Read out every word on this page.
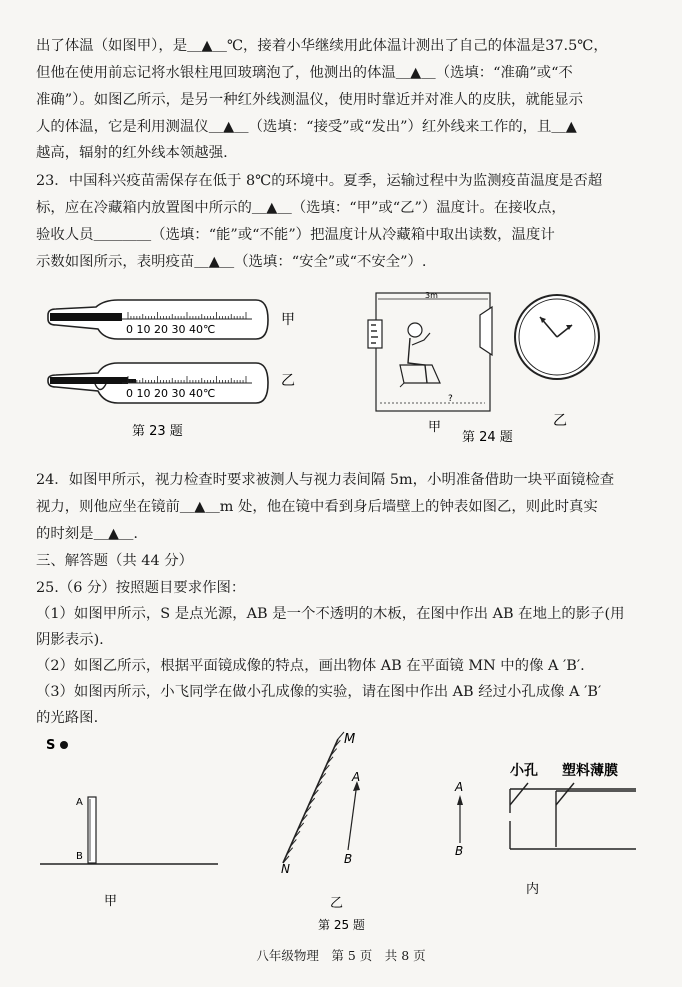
出了体温（如图甲），是＿▲＿℃，接着小华继续用此体温计测出了自己的体温是37.5℃，
但他在使用前忘记将水银柱甩回玻璃泡了，他测出的体温＿▲＿（选填：“准确”或“不
准确”）。如图乙所示，是另一种红外线测温仪，使用时靠近并对准人的皮肤，就能显示
人的体温，它是利用测温仪＿▲＿（选填：“接受”或“发出”）红外线来工作的，且＿▲
越高，辐射的红外线本领越强.
23．中国科兴疫苗需保存在低于 8℃的环境中。夏季，运输过程中为监测疫苗温度是否超
标，应在冷藏箱内放置图中所示的＿▲＿（选填：“甲”或“乙”）温度计。在接收点，
验收人员＿＿＿＿（选填：“能”或“不能”）把温度计从冷藏箱中取出读数，温度计
示数如图所示，表明疫苗＿▲＿（选填：“安全”或“不安全”）.
0 10 20 30 40℃
甲
0 10 20 30 40℃
乙
第 23 题
3m
?
甲
第 24 题
乙
24．如图甲所示，视力检查时要求被测人与视力表间隔 5m，小明准备借助一块平面镜检查
视力，则他应坐在镜前＿▲＿m 处，他在镜中看到身后墙壁上的钟表如图乙，则此时真实
的时刻是＿▲＿.
三、解答题（共 44 分）
25.（6 分）按照题目要求作图：
（1）如图甲所示，S 是点光源，AB 是一个不透明的木板，在图中作出 AB 在地上的影子(用
阴影表示).
（2）如图乙所示，根据平面镜成像的特点，画出物体 AB 在平面镜 MN 中的像 A ′B′.
（3）如图丙所示，小飞同学在做小孔成像的实验，请在图中作出 AB 经过小孔成像 A ′B′
的光路图.
S
A
B
甲
M
N
A
B
乙
第 25 题
A
B
小孔 塑料薄膜
内
八年级物理　第 5 页　共 8 页
